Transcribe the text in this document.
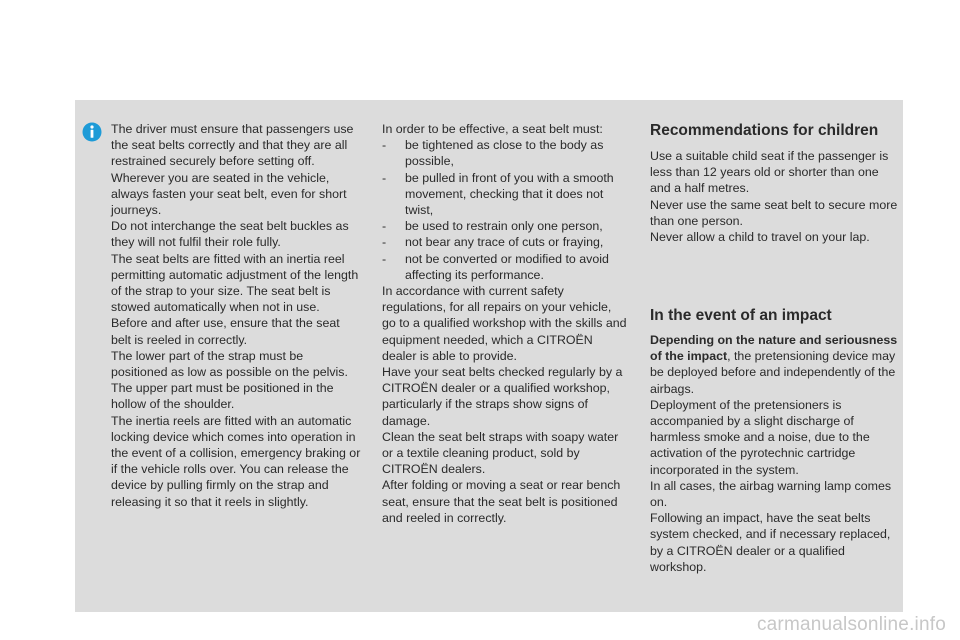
The driver must ensure that passengers use the seat belts correctly and that they are all restrained securely before setting off.

Wherever you are seated in the vehicle, always fasten your seat belt, even for short journeys.

Do not interchange the seat belt buckles as they will not fulfil their role fully.

The seat belts are fitted with an inertia reel permitting automatic adjustment of the length of the strap to your size. The seat belt is stowed automatically when not in use.

Before and after use, ensure that the seat belt is reeled in correctly.

The lower part of the strap must be positioned as low as possible on the pelvis.

The upper part must be positioned in the hollow of the shoulder.

The inertia reels are fitted with an automatic locking device which comes into operation in the event of a collision, emergency braking or if the vehicle rolls over. You can release the device by pulling firmly on the strap and releasing it so that it reels in slightly.

In order to be effective, a seat belt must:

-	be tightened as close to the body as possible,
-	be pulled in front of you with a smooth movement, checking that it does not twist,
-	be used to restrain only one person,
-	not bear any trace of cuts or fraying,
-	not be converted or modified to avoid affecting its performance.

In accordance with current safety regulations, for all repairs on your vehicle, go to a qualified workshop with the skills and equipment needed, which a CITROËN dealer is able to provide.

Have your seat belts checked regularly by a CITROËN dealer or a qualified workshop, particularly if the straps show signs of damage.

Clean the seat belt straps with soapy water or a textile cleaning product, sold by CITROËN dealers.

After folding or moving a seat or rear bench seat, ensure that the seat belt is positioned and reeled in correctly.

Recommendations for children

Use a suitable child seat if the passenger is less than 12 years old or shorter than one and a half metres.

Never use the same seat belt to secure more than one person.

Never allow a child to travel on your lap.

In the event of an impact

Depending on the nature and seriousness of the impact, the pretensioning device may be deployed before and independently of the airbags.

Deployment of the pretensioners is accompanied by a slight discharge of harmless smoke and a noise, due to the activation of the pyrotechnic cartridge incorporated in the system.

In all cases, the airbag warning lamp comes on.

Following an impact, have the seat belts system checked, and if necessary replaced, by a CITROËN dealer or a qualified workshop.

carmanualsonline.info
